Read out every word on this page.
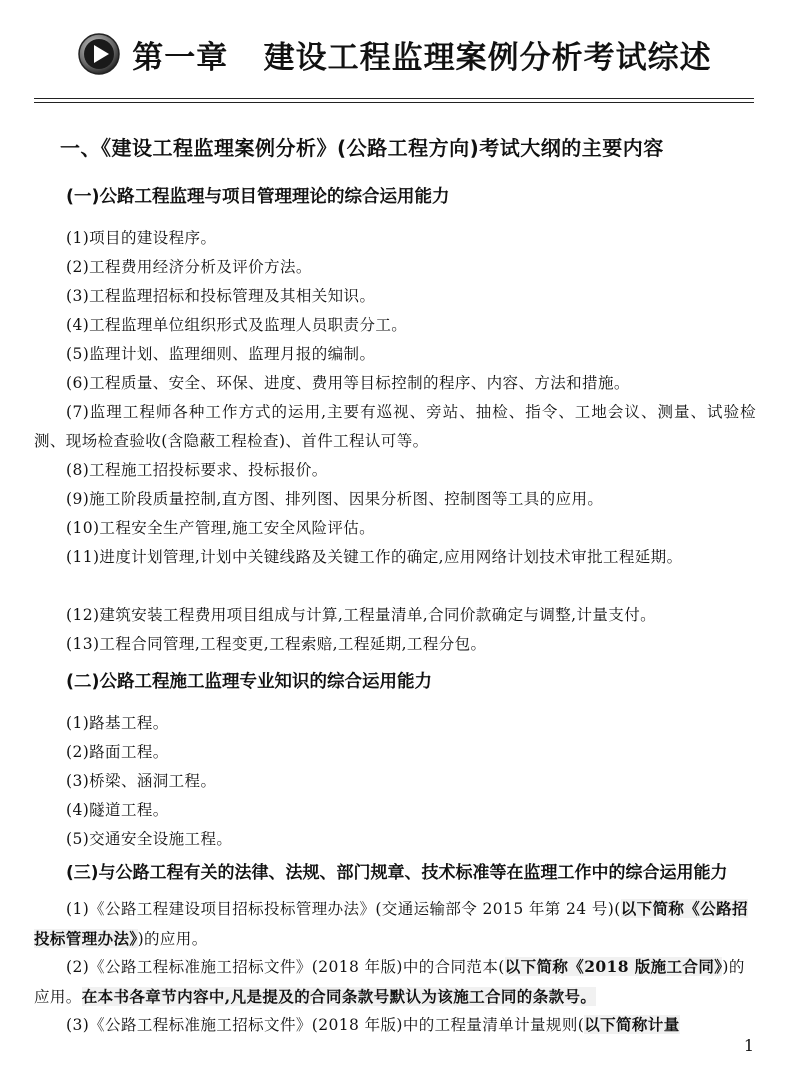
第一章   建设工程监理案例分析考试综述
一、《建设工程监理案例分析》(公路工程方向)考试大纲的主要内容
(一)公路工程监理与项目管理理论的综合运用能力
(1)项目的建设程序。
(2)工程费用经济分析及评价方法。
(3)工程监理招标和投标管理及其相关知识。
(4)工程监理单位组织形式及监理人员职责分工。
(5)监理计划、监理细则、监理月报的编制。
(6)工程质量、安全、环保、进度、费用等目标控制的程序、内容、方法和措施。
(7)监理工程师各种工作方式的运用,主要有巡视、旁站、抽检、指令、工地会议、测量、试验检测、现场检查验收(含隐蔽工程检查)、首件工程认可等。
(8)工程施工招投标要求、投标报价。
(9)施工阶段质量控制,直方图、排列图、因果分析图、控制图等工具的应用。
(10)工程安全生产管理,施工安全风险评估。
(11)进度计划管理,计划中关键线路及关键工作的确定,应用网络计划技术审批工程延期。
(12)建筑安装工程费用项目组成与计算,工程量清单,合同价款确定与调整,计量支付。
(13)工程合同管理,工程变更,工程索赔,工程延期,工程分包。
(二)公路工程施工监理专业知识的综合运用能力
(1)路基工程。
(2)路面工程。
(3)桥梁、涵洞工程。
(4)隧道工程。
(5)交通安全设施工程。
(三)与公路工程有关的法律、法规、部门规章、技术标准等在监理工作中的综合运用能力
(1)《公路工程建设项目招标投标管理办法》(交通运输部令 2015 年第 24 号)(以下简称《公路招投标管理办法》)的应用。
(2)《公路工程标准施工招标文件》(2018 年版)中的合同范本(以下简称《2018 版施工合同》)的应用。在本书各章节内容中,凡是提及的合同条款号默认为该施工合同的条款号。
(3)《公路工程标准施工招标文件》(2018 年版)中的工程量清单计量规则(以下简称计量
1
